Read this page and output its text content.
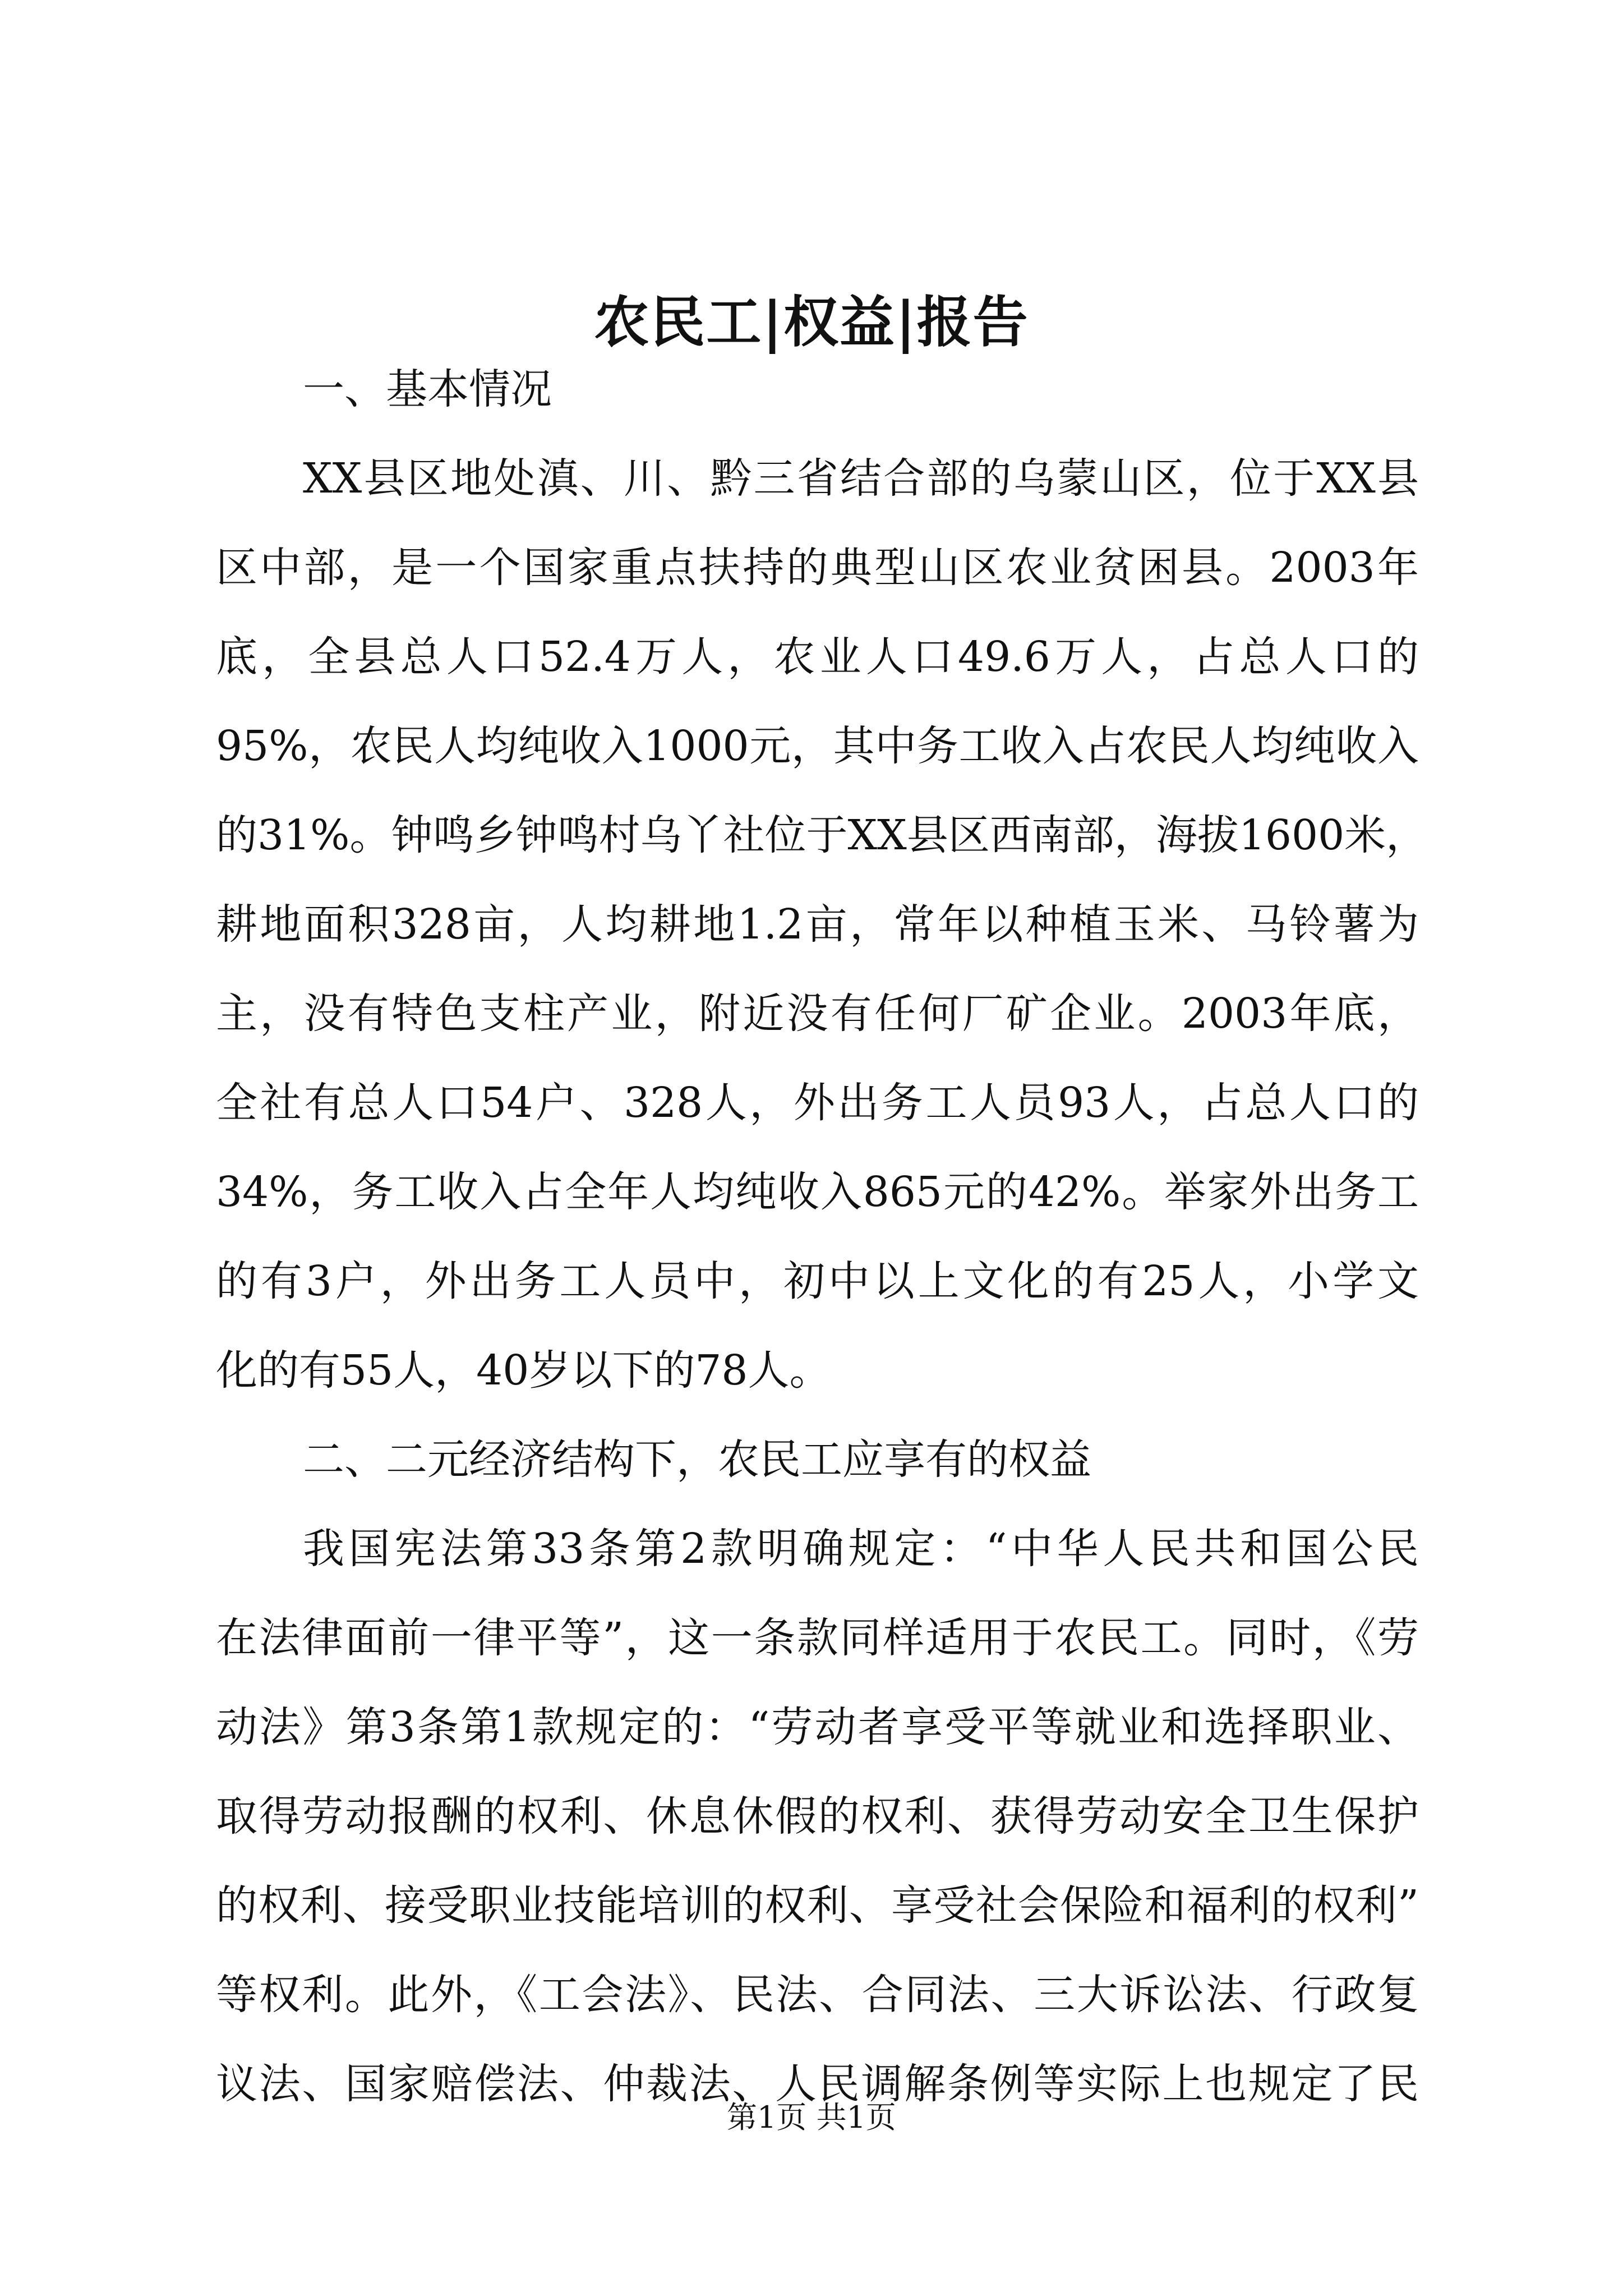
农民工|权益|报告
一、基本情况
XX县区地处滇、川、黔三省结合部的乌蒙山区，位于XX县
区中部，是一个国家重点扶持的典型山区农业贫困县。2003年
底，全县总人口52.4万人，农业人口49.6万人，占总人口的
95%，农民人均纯收入1000元，其中务工收入占农民人均纯收入
的31%。钟鸣乡钟鸣村乌丫社位于XX县区西南部，海拔1600米，
耕地面积328亩，人均耕地1.2亩，常年以种植玉米、马铃薯为
主，没有特色支柱产业，附近没有任何厂矿企业。2003年底，
全社有总人口54户、328人，外出务工人员93人，占总人口的
34%，务工收入占全年人均纯收入865元的42%。举家外出务工
的有3户，外出务工人员中，初中以上文化的有25人，小学文
化的有55人，40岁以下的78人。
二、二元经济结构下，农民工应享有的权益
我国宪法第33条第2款明确规定：“中华人民共和国公民
在法律面前一律平等”，这一条款同样适用于农民工。同时，《劳
动法》第3条第1款规定的：“劳动者享受平等就业和选择职业、
取得劳动报酬的权利、休息休假的权利、获得劳动安全卫生保护
的权利、接受职业技能培训的权利、享受社会保险和福利的权利”
等权利。此外，《工会法》、民法、合同法、三大诉讼法、行政复
议法、国家赔偿法、仲裁法、人民调解条例等实际上也规定了民
第1页 共1页
